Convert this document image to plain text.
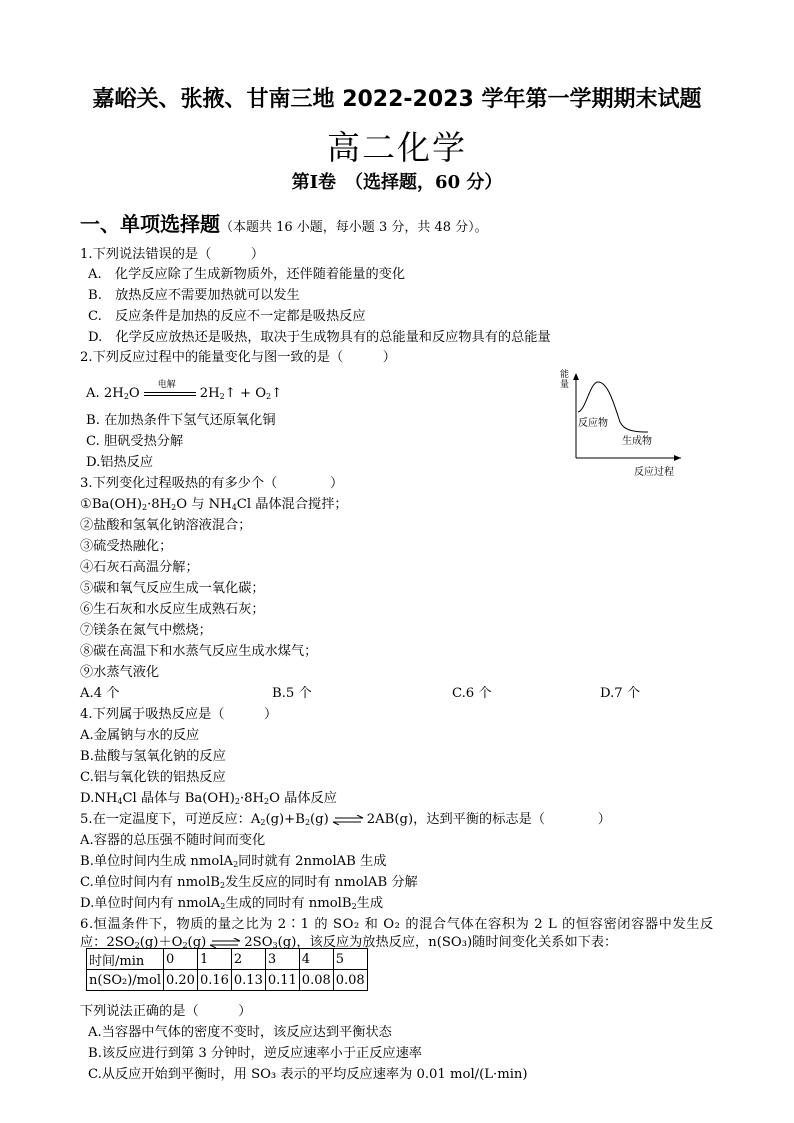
嘉峪关、张掖、甘南三地 2022-2023 学年第一学期期末试题
高二化学
第Ⅰ卷　（选择题，60 分）
一、单项选择题（本题共 16 小题，每小题 3 分，共 48 分）。
1.下列说法错误的是（　　　）
A.　化学反应除了生成新物质外，还伴随着能量的变化
B.　放热反应不需要加热就可以发生
C.　反应条件是加热的反应不一定都是吸热反应
D.　化学反应放热还是吸热，取决于生成物具有的总能量和反应物具有的总能量
2.下列反应过程中的能量变化与图一致的是（　　　）
A. $2H_2O$
电解
$2H_2↑$ + $O_2↑$
B. 在加热条件下氢气还原氧化铜
C. 胆矾受热分解
D.铝热反应
能量
反应物
生成物
反应过程
3.下列变化过程吸热的有多少个（　　　　）
$①Ba(OH)_2\cdot 8H_2O$ 与 $NH_4Cl$ 晶体混合搅拌；
②盐酸和氢氧化钠溶液混合；
③硫受热融化；
④石灰石高温分解；
⑤碳和氧气反应生成一氧化碳；
⑥生石灰和水反应生成熟石灰；
⑦镁条在氮气中燃烧；
⑧碳在高温下和水蒸气反应生成水煤气；
⑨水蒸气液化
A.4 个	B.5 个	C.6 个	D.7 个
4.下列属于吸热反应是（　　　）
A.金属钠与水的反应
B.盐酸与氢氧化钠的反应
C.铝与氧化铁的铝热反应
$D.NH_4Cl$ 晶体与 $Ba(OH)_2\cdot 8H_2O$ 晶体反应
5.在一定温度下，可逆反应：$A_2(g)+B_2(g)$ ⇌ 2AB(g)，达到平衡的标志是（　　　　）
A.容器的总压强不随时间而变化
B.单位时间内生成 nmolA$_2$同时就有 2nmolAB 生成
C.单位时间内有 nmolB$_2$发生反应的同时有 nmolAB 分解
D.单位时间内有 nmolA$_2$生成的同时有 nmolB$_2$生成
6.恒温条件下，物质的量之比为 2∶1 的 SO₂ 和 O₂ 的混合气体在容积为 2 L 的恒容密闭容器中发生反
应：$2SO_2(g)+O_2(g)$ ⇌ $2SO_3(g)$，该反应为放热反应，n(SO₃)随时间变化关系如下表：
时间/min	0	1	2	3	4	5
n(SO₂)/mol	0.20	0.16	0.13	0.11	0.08	0.08
下列说法正确的是（　　　）
A.当容器中气体的密度不变时，该反应达到平衡状态
B.该反应进行到第 3 分钟时，逆反应速率小于正反应速率
C.从反应开始到平衡时，用 SO₃ 表示的平均反应速率为 0.01 mol/(L·min)
